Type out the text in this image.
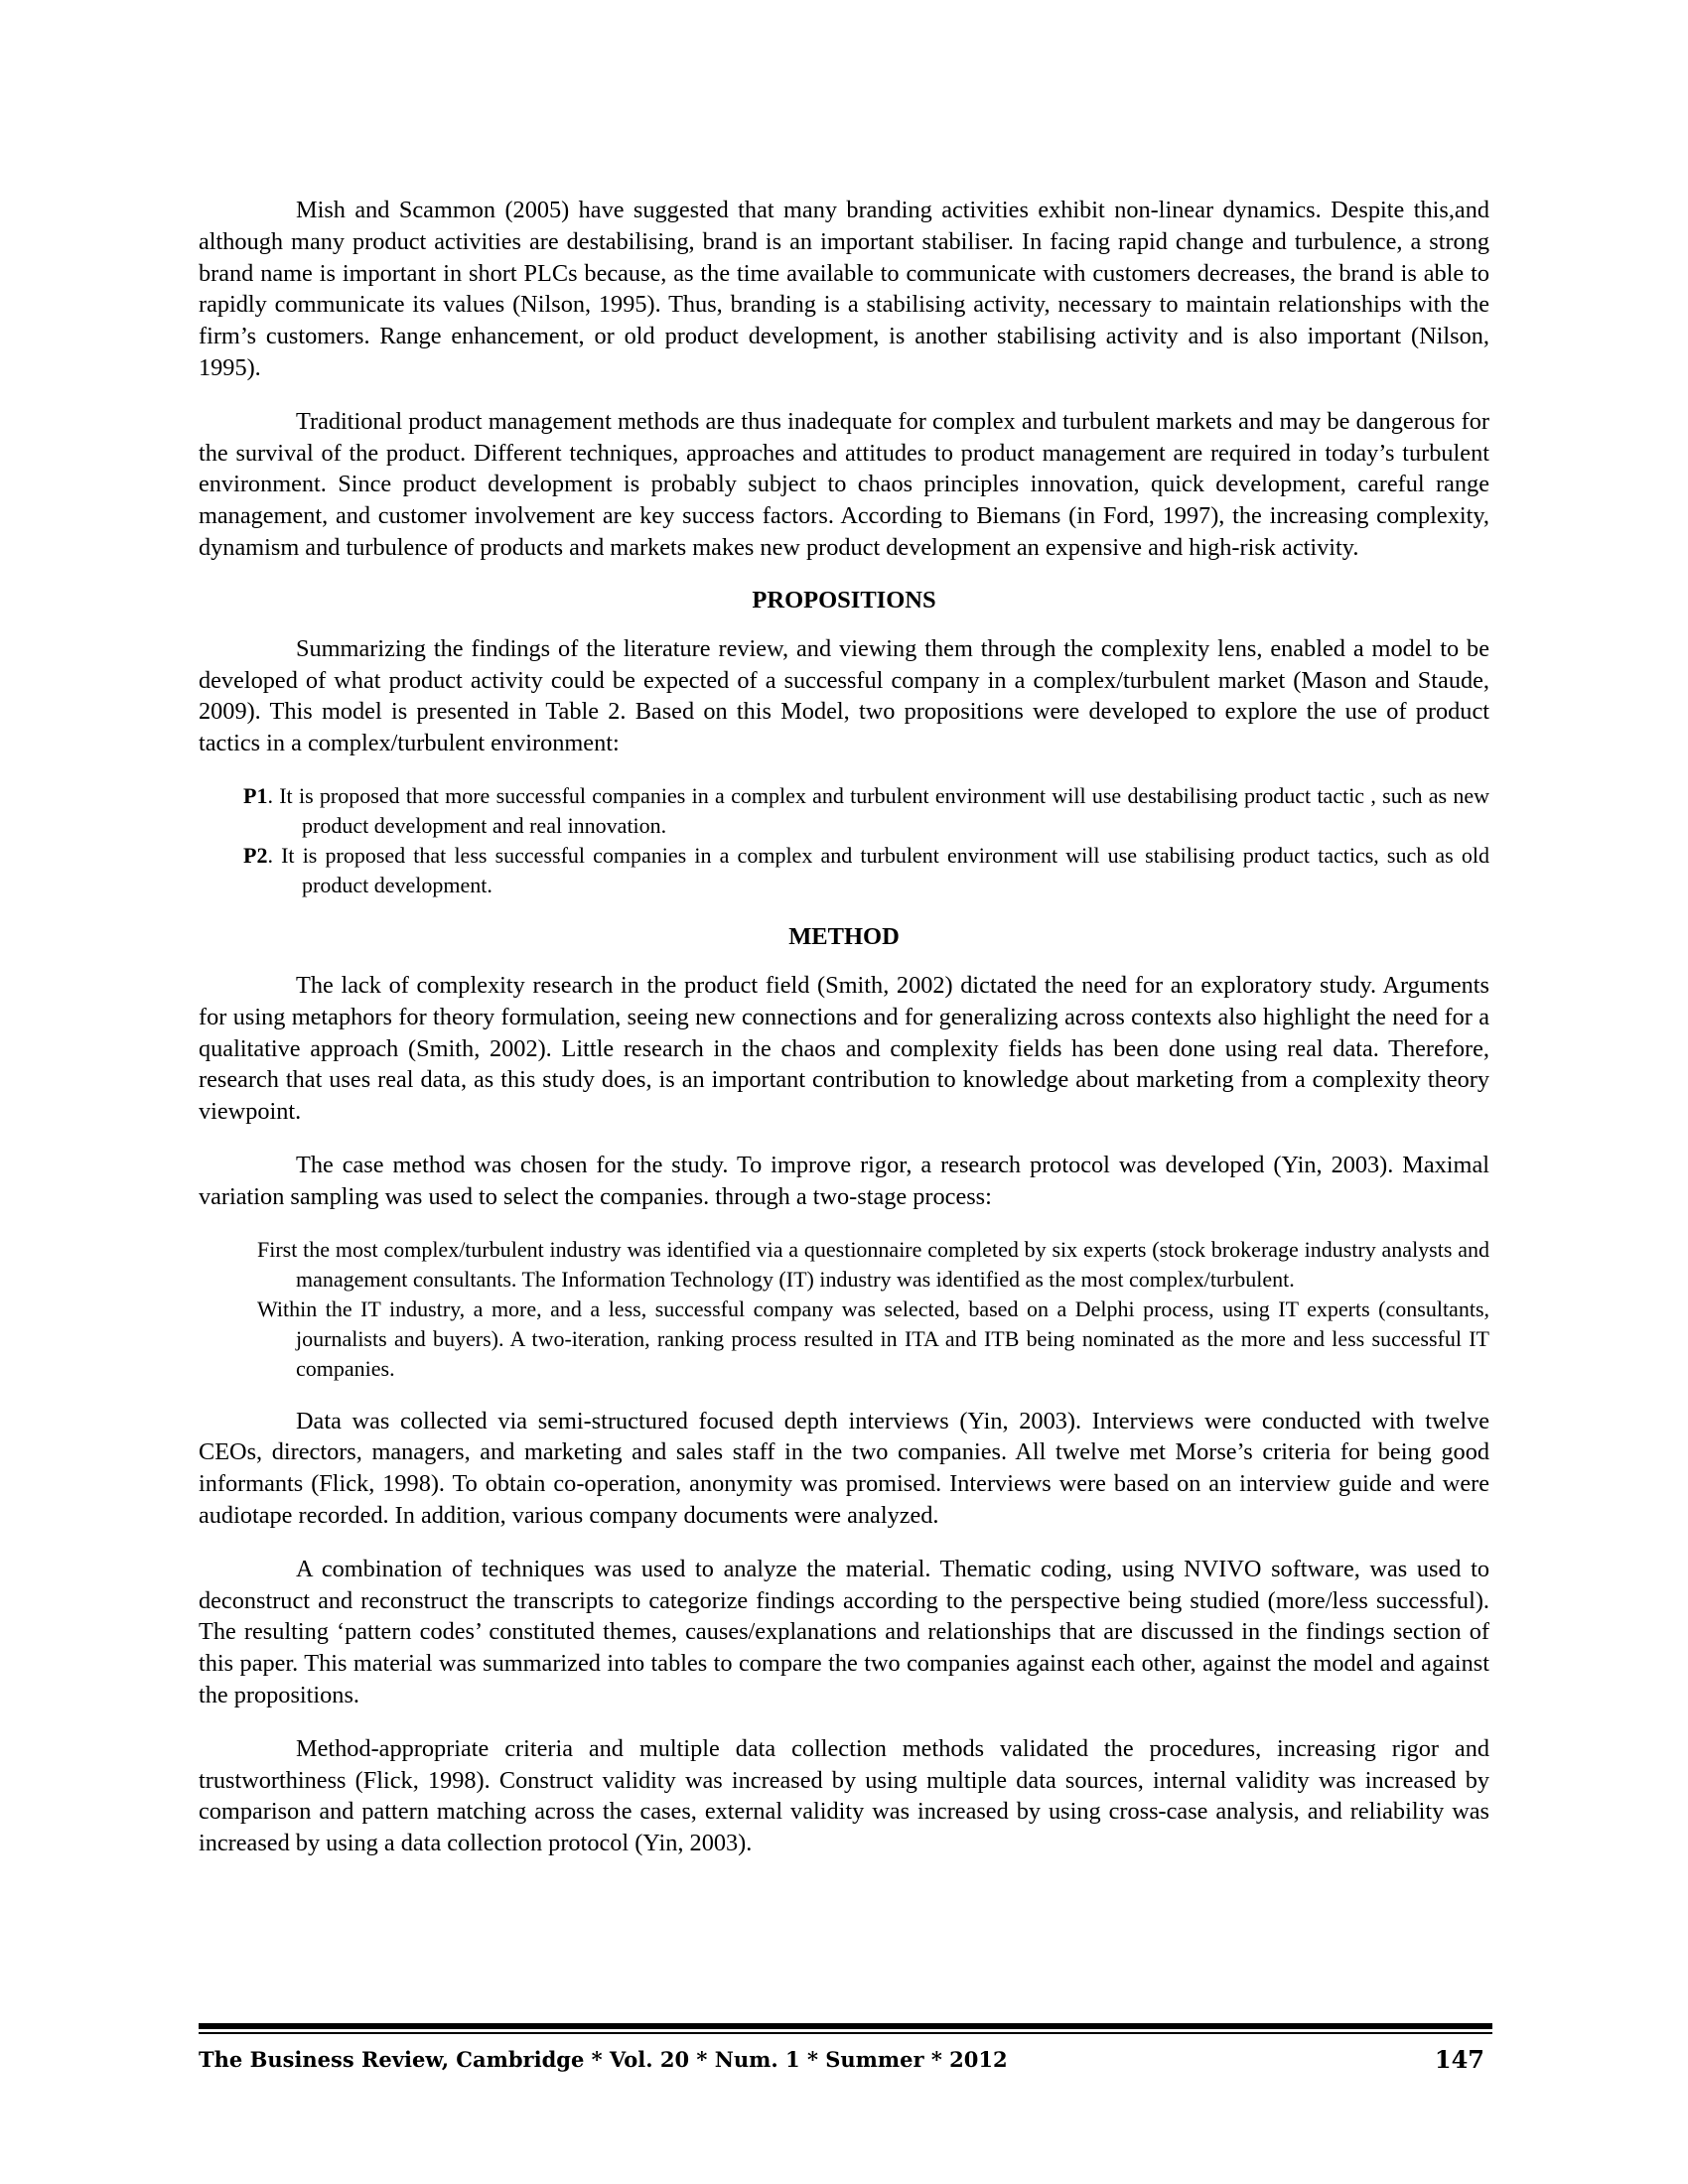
Mish and Scammon (2005) have suggested that many branding activities exhibit non-linear dynamics. Despite this,and although many product activities are destabilising, brand is an important stabiliser. In facing rapid change and turbulence, a strong brand name is important in short PLCs because, as the time available to communicate with customers decreases, the brand is able to rapidly communicate its values (Nilson, 1995). Thus, branding is a stabilising activity, necessary to maintain relationships with the firm’s customers. Range enhancement, or old product development, is another stabilising activity and is also important (Nilson, 1995).

Traditional product management methods are thus inadequate for complex and turbulent markets and may be dangerous for the survival of the product. Different techniques, approaches and attitudes to product management are required in today’s turbulent environment. Since product development is probably subject to chaos principles innovation, quick development, careful range management, and customer involvement are key success factors. According to Biemans (in Ford, 1997), the increasing complexity, dynamism and turbulence of products and markets makes new product development an expensive and high-risk activity.

PROPOSITIONS

Summarizing the findings of the literature review, and viewing them through the complexity lens, enabled a model to be developed of what product activity could be expected of a successful company in a complex/turbulent market (Mason and Staude, 2009). This model is presented in Table 2. Based on this Model, two propositions were developed to explore the use of product tactics in a complex/turbulent environment:

P1. It is proposed that more successful companies in a complex and turbulent environment will use destabilising product tactic , such as new product development and real innovation.

P2. It is proposed that less successful companies in a complex and turbulent environment will use stabilising product tactics, such as old product development.

METHOD

The lack of complexity research in the product field (Smith, 2002) dictated the need for an exploratory study. Arguments for using metaphors for theory formulation, seeing new connections and for generalizing across contexts also highlight the need for a qualitative approach (Smith, 2002). Little research in the chaos and complexity fields has been done using real data. Therefore, research that uses real data, as this study does, is an important contribution to knowledge about marketing from a complexity theory viewpoint.

The case method was chosen for the study. To improve rigor, a research protocol was developed (Yin, 2003). Maximal variation sampling was used to select the companies. through a two-stage process:

First the most complex/turbulent industry was identified via a questionnaire completed by six experts (stock brokerage industry analysts and management consultants. The Information Technology (IT) industry was identified as the most complex/turbulent.

Within the IT industry, a more, and a less, successful company was selected, based on a Delphi process, using IT experts (consultants, journalists and buyers). A two-iteration, ranking process resulted in ITA and ITB being nominated as the more and less successful IT companies.

Data was collected via semi-structured focused depth interviews (Yin, 2003). Interviews were conducted with twelve CEOs, directors, managers, and marketing and sales staff in the two companies. All twelve met Morse’s criteria for being good informants (Flick, 1998). To obtain co-operation, anonymity was promised. Interviews were based on an interview guide and were audiotape recorded. In addition, various company documents were analyzed.

A combination of techniques was used to analyze the material. Thematic coding, using NVIVO software, was used to deconstruct and reconstruct the transcripts to categorize findings according to the perspective being studied (more/less successful). The resulting ‘pattern codes’ constituted themes, causes/explanations and relationships that are discussed in the findings section of this paper. This material was summarized into tables to compare the two companies against each other, against the model and against the propositions.

Method-appropriate criteria and multiple data collection methods validated the procedures, increasing rigor and trustworthiness (Flick, 1998). Construct validity was increased by using multiple data sources, internal validity was increased by comparison and pattern matching across the cases, external validity was increased by using cross-case analysis, and reliability was increased by using a data collection protocol (Yin, 2003).

The Business Review, Cambridge * Vol. 20 * Num. 1 * Summer * 2012	147
